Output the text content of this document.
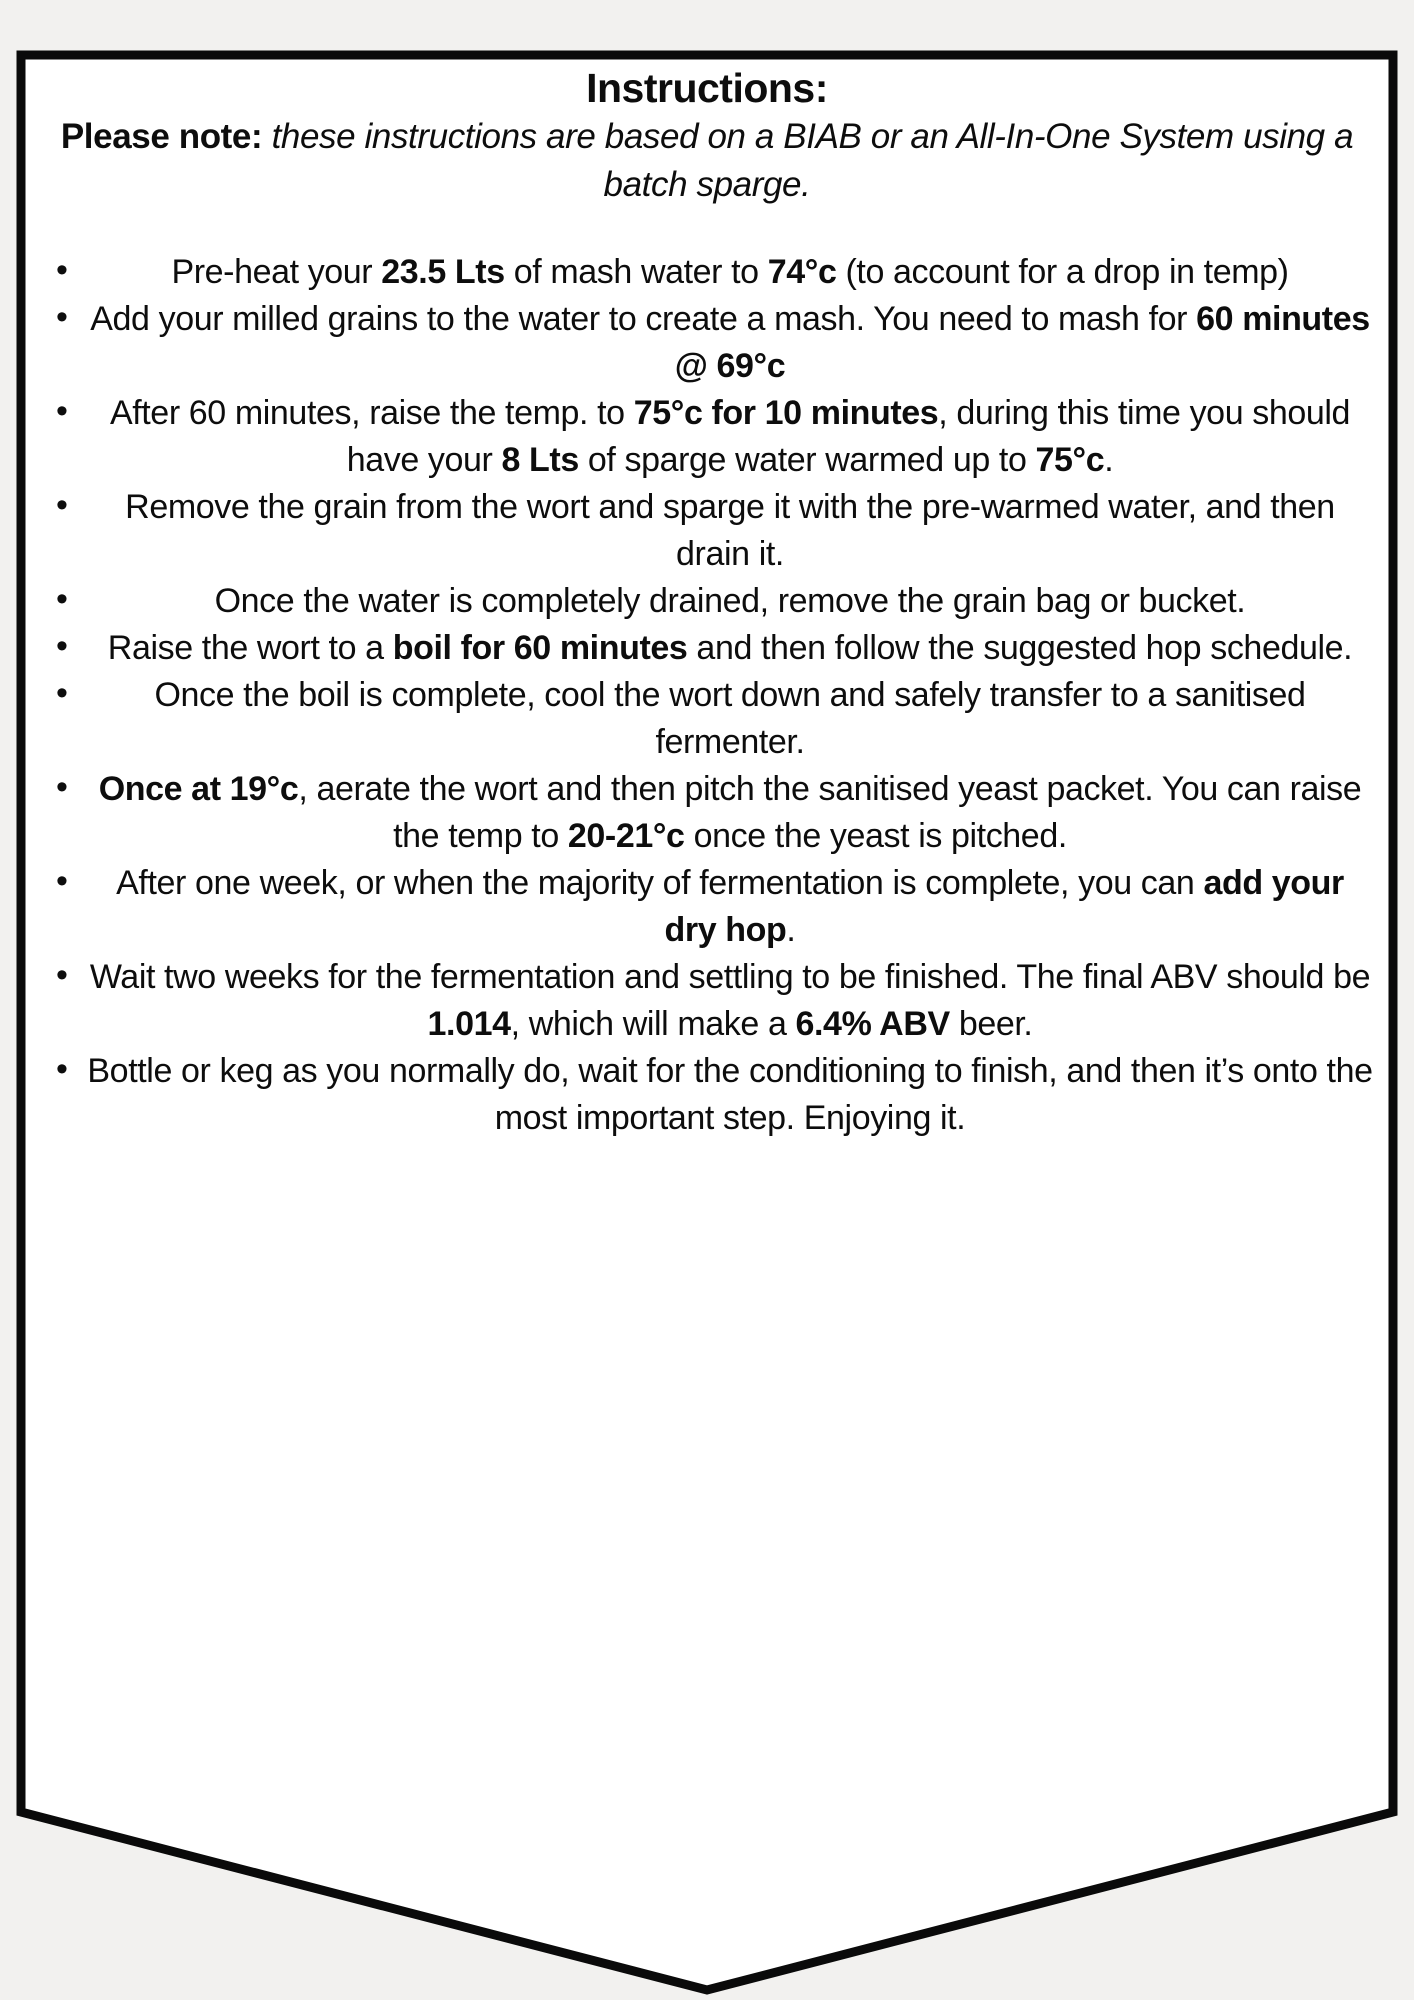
Instructions:

Please note: these instructions are based on a BIAB or an All-In-One System using a batch sparge.

•	Pre-heat your 23.5 Lts of mash water to 74°c (to account for a drop in temp)
• Add your milled grains to the water to create a mash. You need to mash for 60 minutes @ 69°c
• After 60 minutes, raise the temp. to 75°c for 10 minutes, during this time you should have your 8 Lts of sparge water warmed up to 75°c.
• Remove the grain from the wort and sparge it with the pre-warmed water, and then drain it.
•	Once the water is completely drained, remove the grain bag or bucket.
• Raise the wort to a boil for 60 minutes and then follow the suggested hop schedule.
•	Once the boil is complete, cool the wort down and safely transfer to a sanitised fermenter.
• Once at 19°c, aerate the wort and then pitch the sanitised yeast packet. You can raise the temp to 20-21°c once the yeast is pitched.
• After one week, or when the majority of fermentation is complete, you can add your dry hop.
• Wait two weeks for the fermentation and settling to be finished. The final ABV should be 1.014, which will make a 6.4% ABV beer.
• Bottle or keg as you normally do, wait for the conditioning to finish, and then it’s onto the most important step. Enjoying it.
